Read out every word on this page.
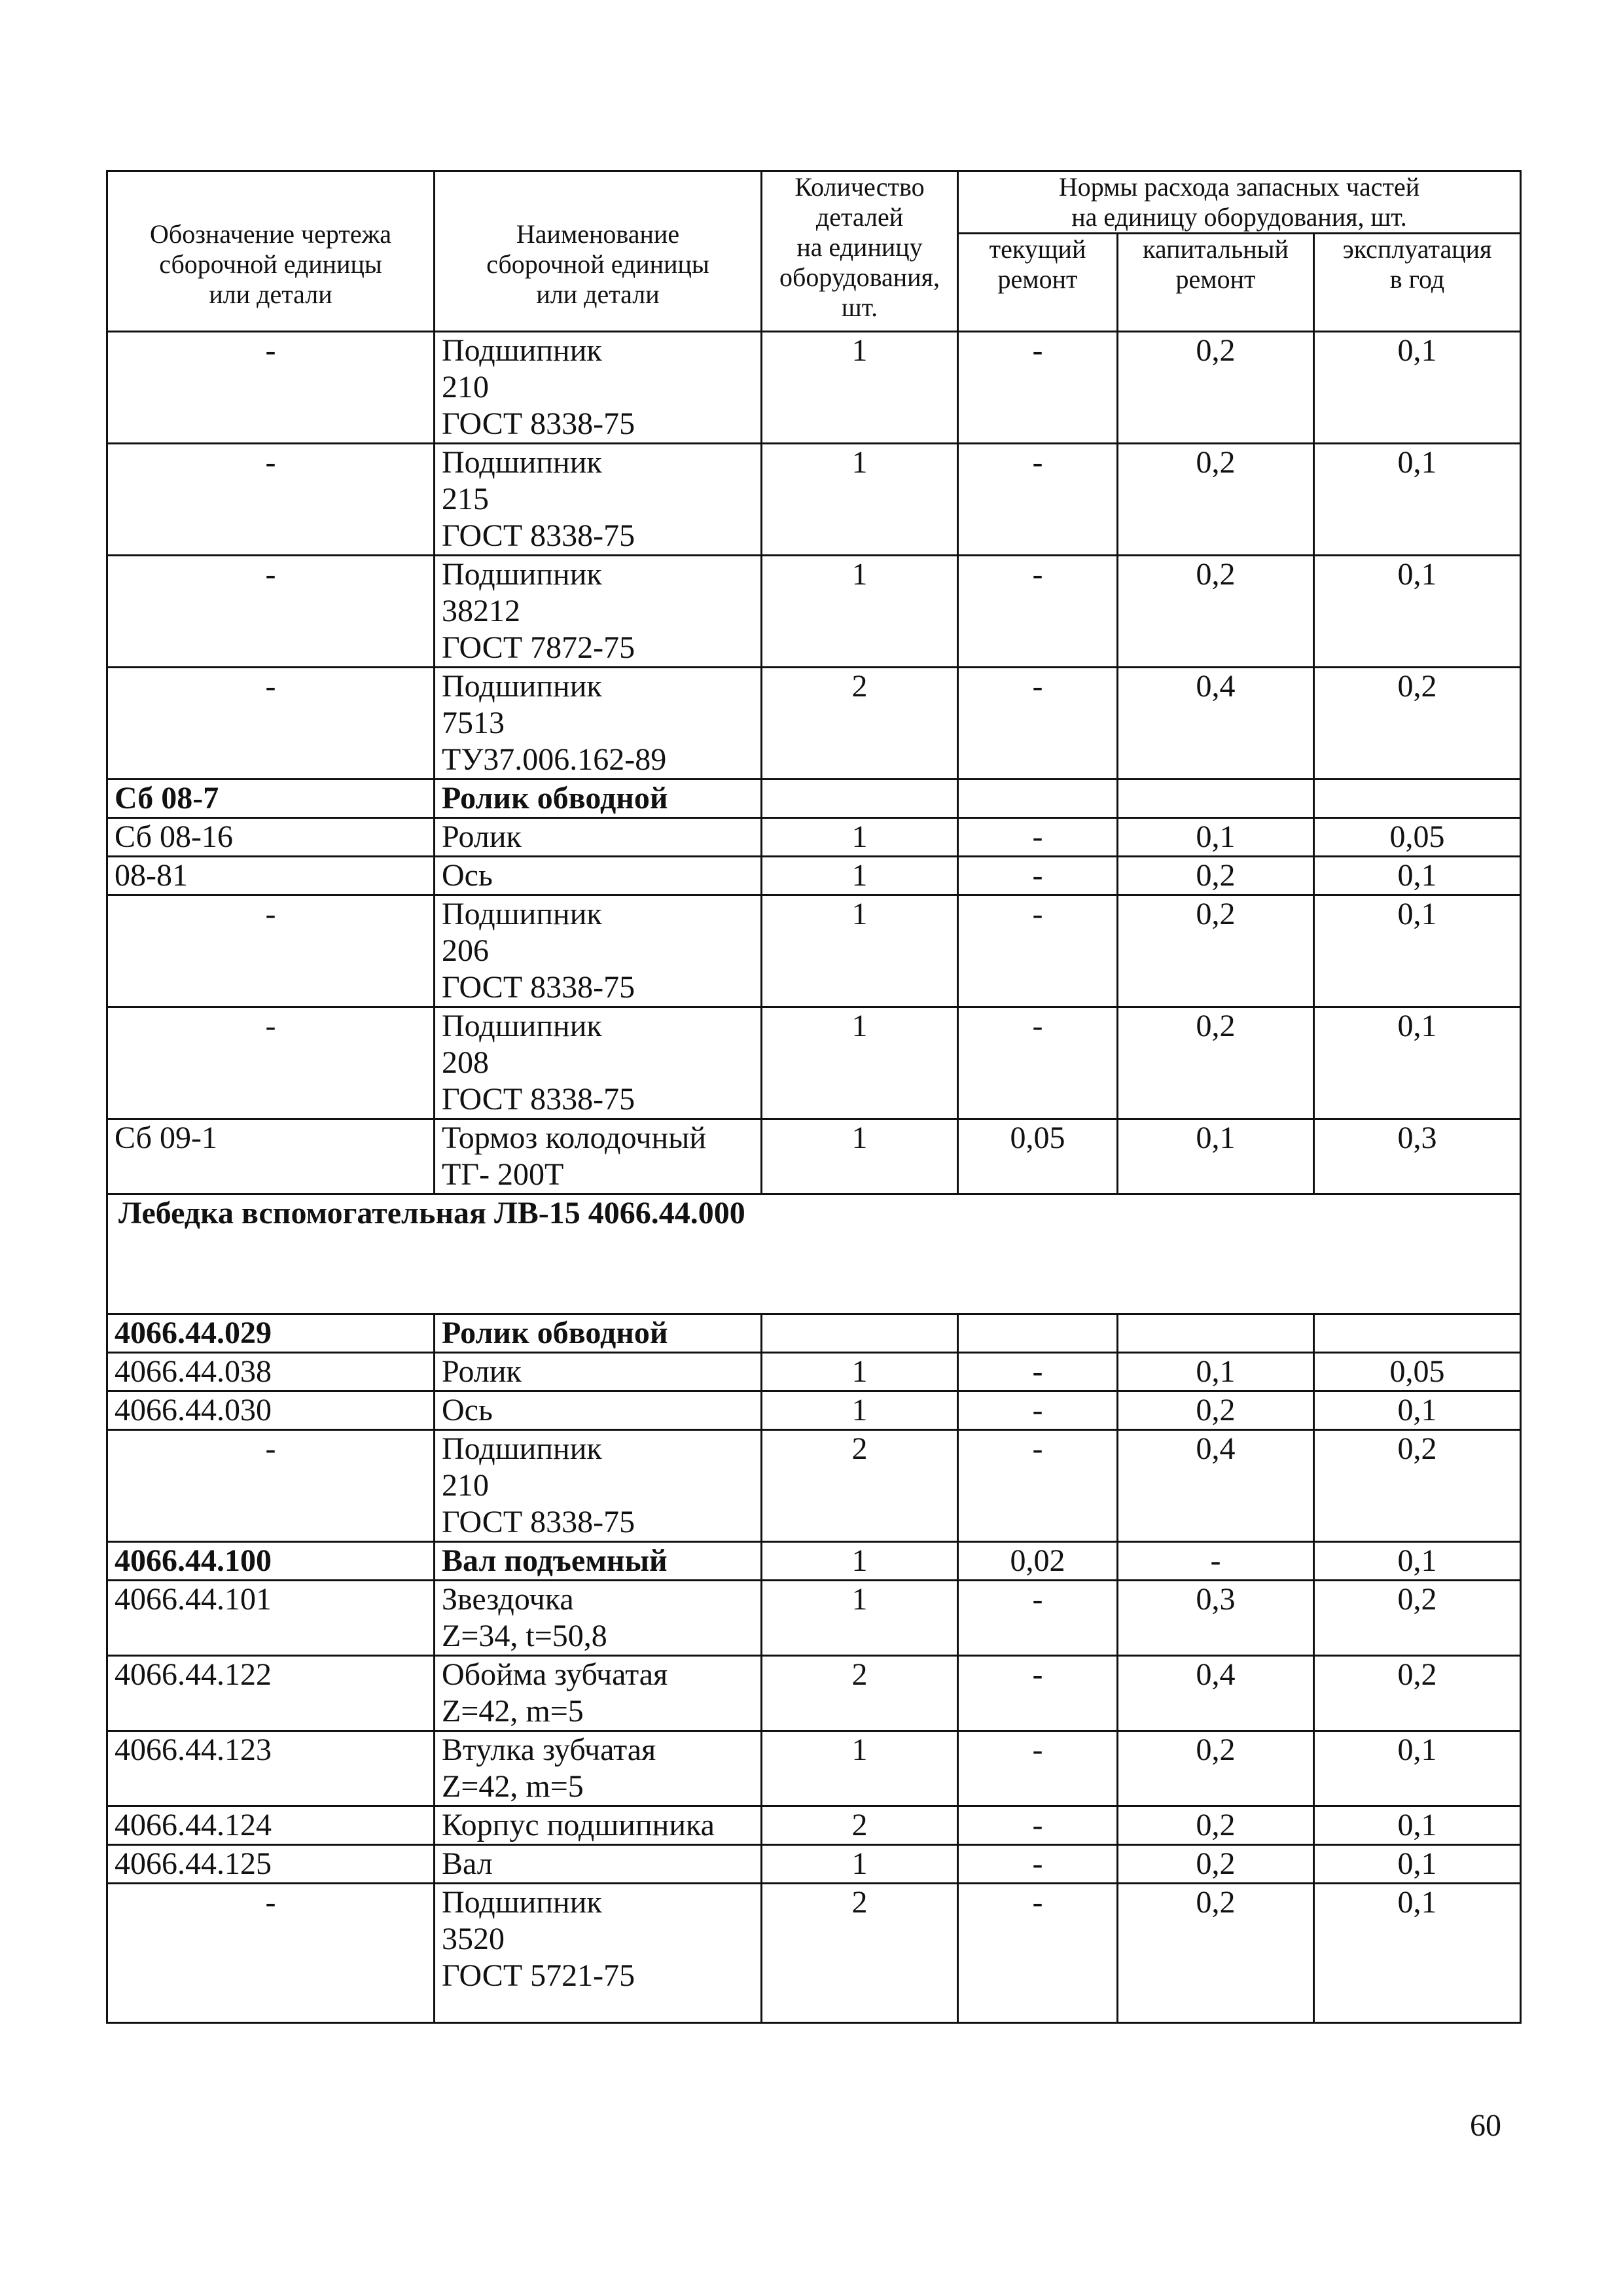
Обозначение чертежа
сборочной единицы
или детали	Наименование
сборочной единицы
или детали	Количество
деталей
на единицу
оборудования,
шт.	Нормы расхода запасных частей
на единицу оборудования, шт.		

			текущий
ремонт	капитальный
ремонт	эксплуатация
в год

-	Подшипник
210
ГОСТ 8338-75	1	-	0,2	0,1
-	Подшипник
215
ГОСТ 8338-75	1	-	0,2	0,1
-	Подшипник
38212
ГОСТ 7872-75	1	-	0,2	0,1
-	Подшипник
7513
ТУ37.006.162-89	2	-	0,4	0,2
Сб 08-7	Ролик обводной				

Сб 08-16	Ролик	1	-	0,1	0,05
08-81	Ось	1	-	0,2	0,1
-	Подшипник
206
ГОСТ 8338-75	1	-	0,2	0,1
-	Подшипник
208
ГОСТ 8338-75	1	-	0,2	0,1
Сб 09-1	Тормоз колодочный
ТГ- 200Т	1	0,05	0,1	0,3
Лебедка вспомогательная ЛВ-15 4066.44.000					
4066.44.029	Ролик обводной				

4066.44.038	Ролик	1	-	0,1	0,05
4066.44.030	Ось	1	-	0,2	0,1
-	Подшипник
210
ГОСТ 8338-75	2	-	0,4	0,2
4066.44.100	Вал подъемный	1	0,02	-	0,1
4066.44.101	Звездочка
Z=34, t=50,8	1	-	0,3	0,2
4066.44.122	Обойма зубчатая
Z=42, m=5	2	-	0,4	0,2
4066.44.123	Втулка зубчатая
Z=42, m=5	1	-	0,2	0,1
4066.44.124	Корпус подшипника	2	-	0,2	0,1
4066.44.125	Вал	1	-	0,2	0,1
-	Подшипник
3520
ГОСТ 5721-75	2	-	0,2	0,1
60
